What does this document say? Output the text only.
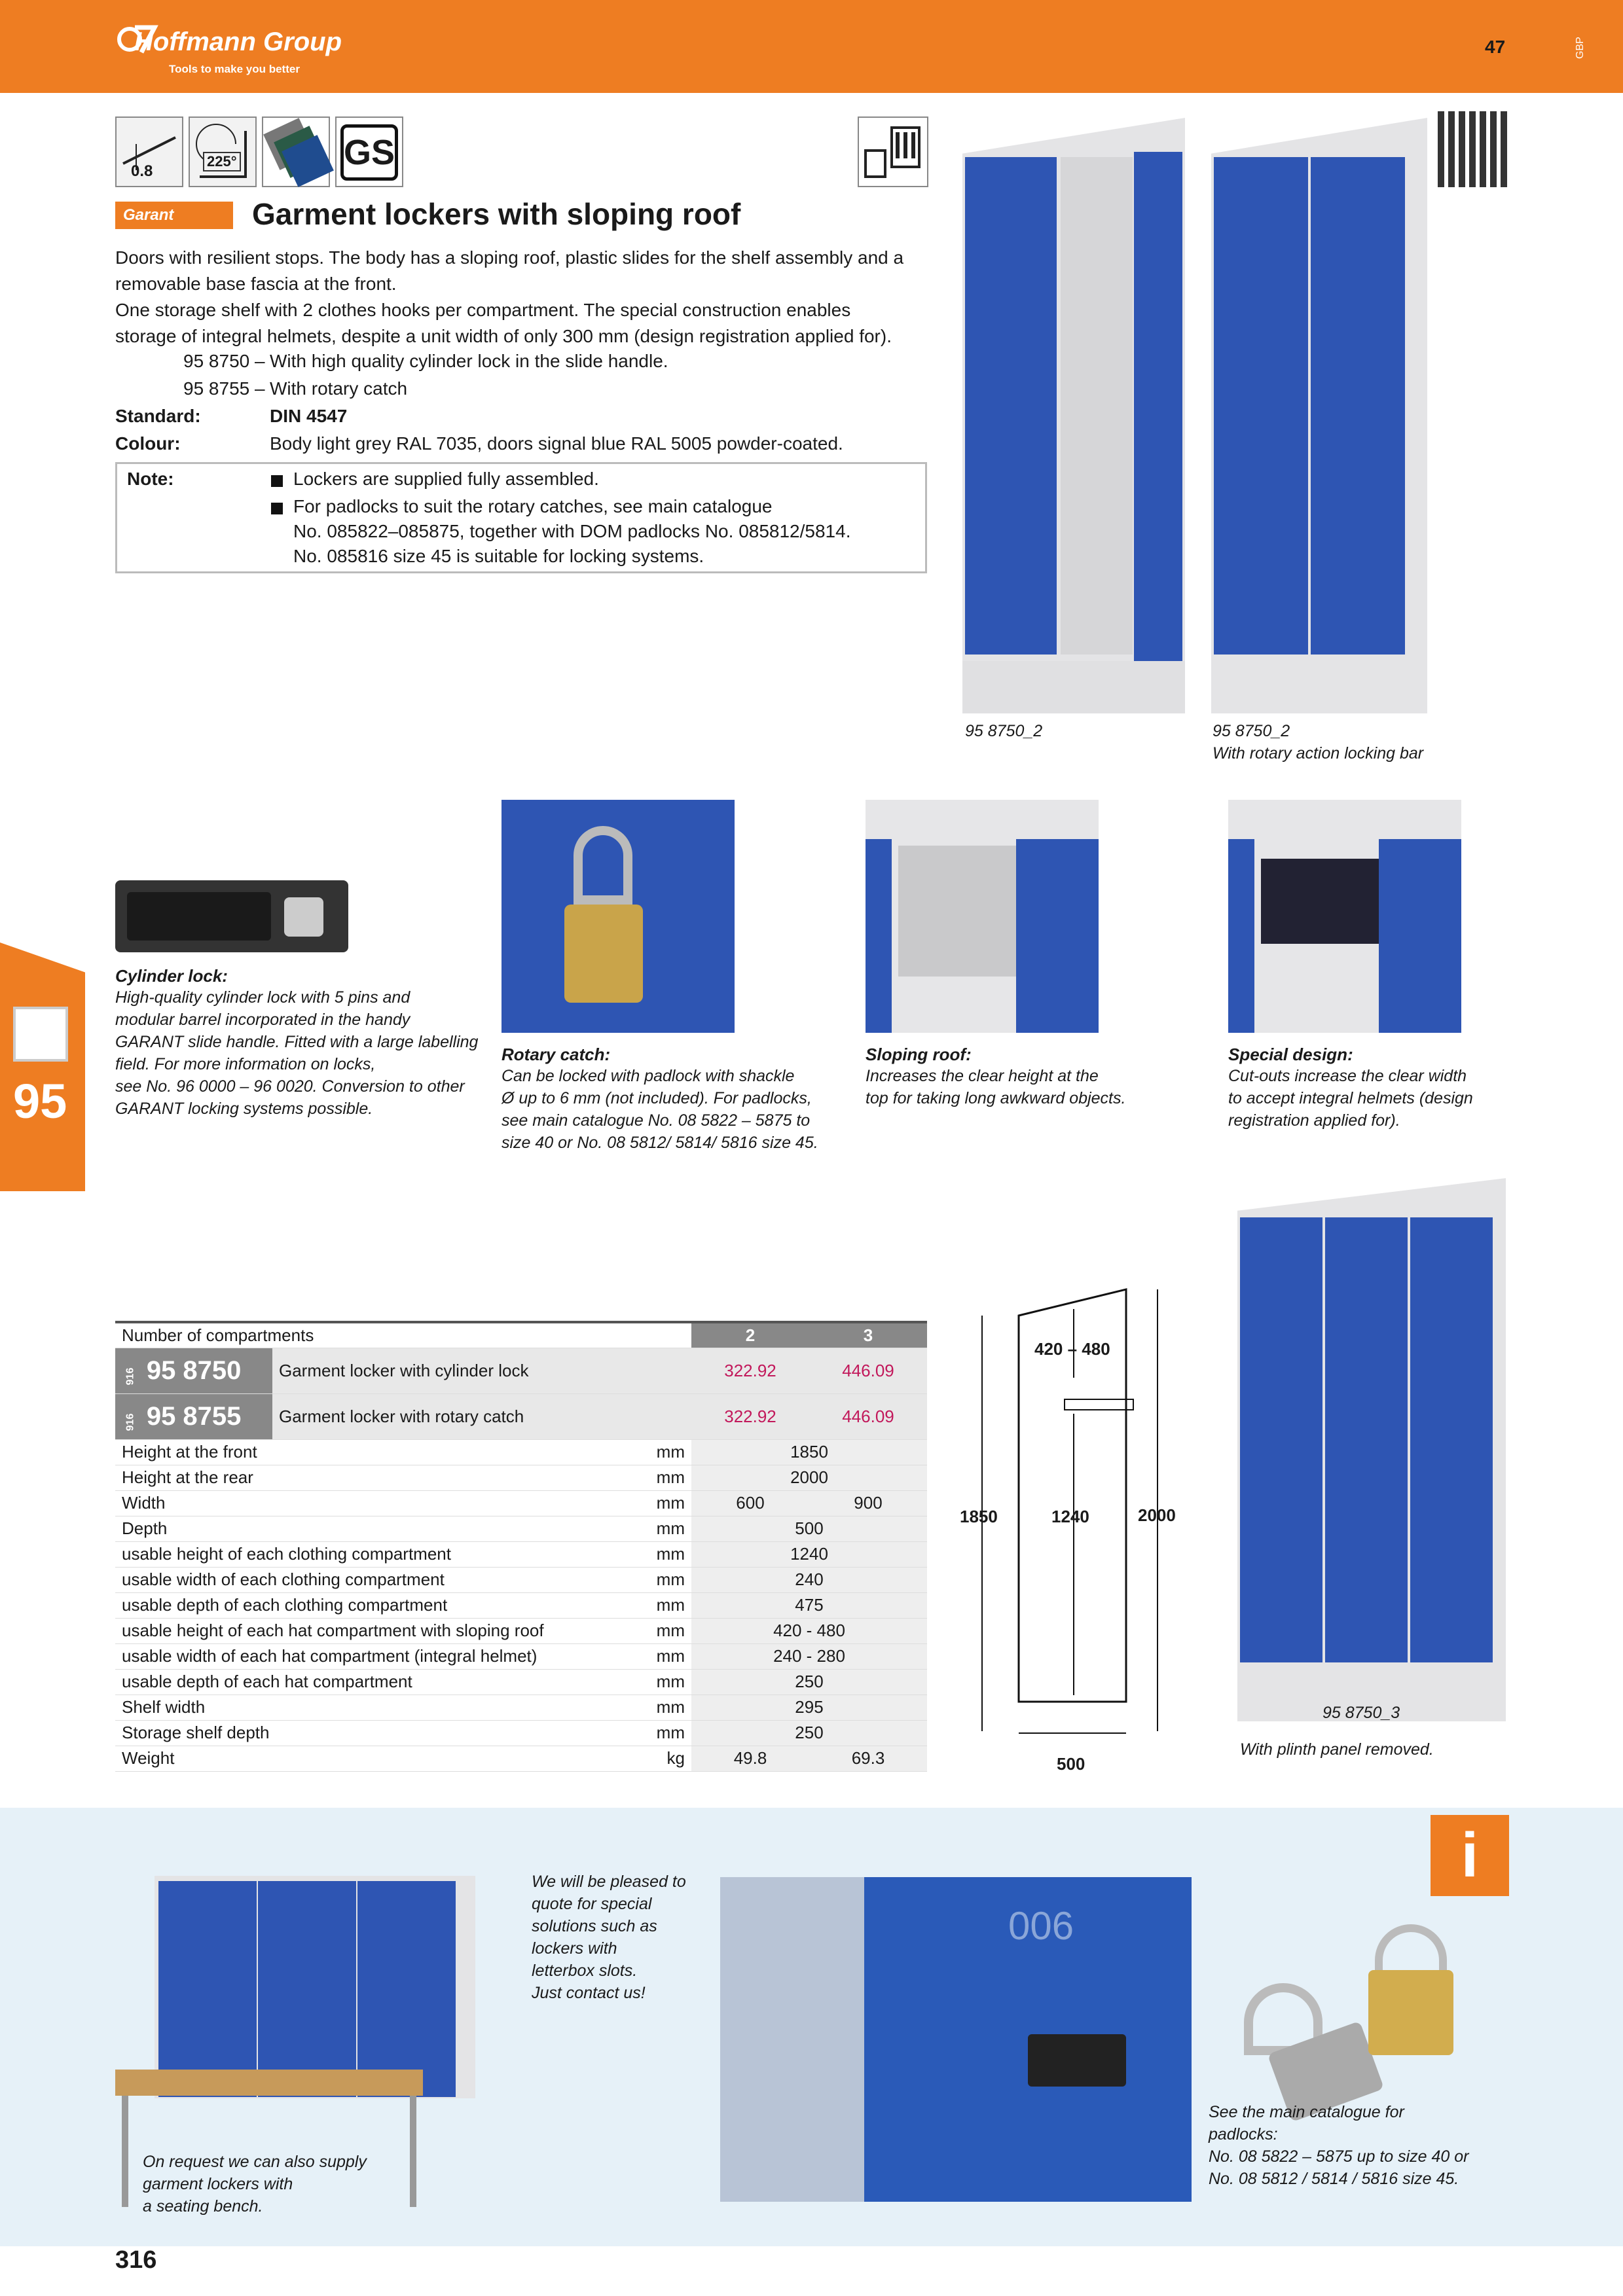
Hoffmann Group
Tools to make you better
47	GBP
95
0.8
225°	GS
Garant	Garment lockers with sloping roof
Doors with resilient stops. The body has a sloping roof, plastic slides for the shelf assembly and a
removable base fascia at the front.
One storage shelf with 2 clothes hooks per compartment. The special construction enables
storage of integral helmets, despite a unit width of only 300 mm (design registration applied for).
95 8750 – With high quality cylinder lock in the slide handle.
95 8755 – With rotary catch
Standard:	DIN 4547
Colour:	Body light grey RAL 7035, doors signal blue RAL 5005 powder-coated.
Note:	Lockers are supplied fully assembled.
For padlocks to suit the rotary catches, see main catalogue
No. 085822–085875, together with DOM padlocks No. 085812/5814.
No. 085816 size 45 is suitable for locking systems.
95 8750_2	95 8750_2
With rotary action locking bar
Cylinder lock:
High-quality cylinder lock with 5 pins and
modular barrel incorporated in the handy
GARANT slide handle. Fitted with a large labelling
field. For more information on locks,
see No. 96 0000 – 96 0020. Conversion to other
GARANT locking systems possible.
Rotary catch:
Can be locked with padlock with shackle
Ø up to 6 mm (not included). For padlocks,
see main catalogue No. 08 5822 – 5875 to
size 40 or No. 08 5812/ 5814/ 5816 size 45.
Sloping roof:
Increases the clear height at the
top for taking long awkward objects.
Special design:
Cut-outs increase the clear width
to accept integral helmets (design
registration applied for).
Number of compartments			2	3
916 95 8750	Garment locker with cylinder lock		322.92	446.09
916 95 8755	Garment locker with rotary catch		322.92	446.09
Height at the front		mm	1850	
Height at the rear		mm	2000	
Width		mm	600	900
Depth		mm	500	
usable height of each clothing compartment		mm	1240	
usable width of each clothing compartment		mm	240	
usable depth of each clothing compartment		mm	475	
usable height of each hat compartment with sloping roof		mm	420 - 480	
usable width of each hat compartment (integral helmet)		mm	240 - 280	
usable depth of each hat compartment		mm	250	
Shelf width		mm	295	
Storage shelf depth		mm	250	
Weight		kg	49.8	69.3
420 – 480
1850	1240	2000
500
95 8750_3
With plinth panel removed.
i
On request we can also supply
garment lockers with
a seating bench.
We will be pleased to
quote for special
solutions such as
lockers with
letterbox slots.
Just contact us!
006
See the main catalogue for
padlocks:
No. 08 5822 – 5875 up to size 40 or
No. 08 5812 / 5814 / 5816 size 45.
316
